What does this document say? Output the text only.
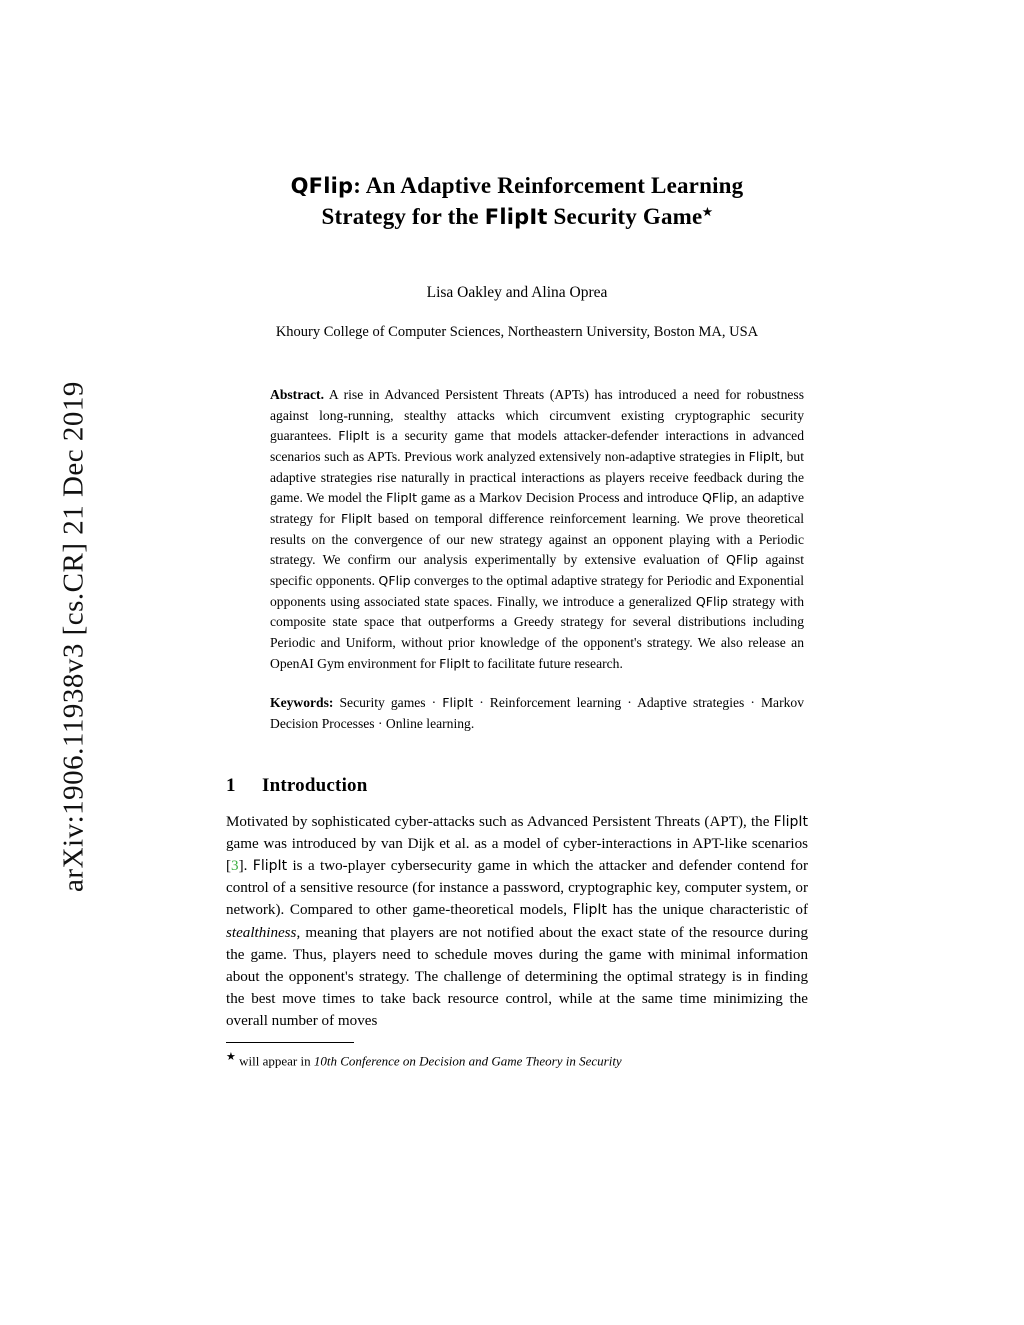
arXiv:1906.11938v3 [cs.CR] 21 Dec 2019
QFlip: An Adaptive Reinforcement Learning
Strategy for the FlipIt Security Game★
Lisa Oakley and Alina Oprea
Khoury College of Computer Sciences, Northeastern University, Boston MA, USA
Abstract. A rise in Advanced Persistent Threats (APTs) has introduced a need for robustness against long-running, stealthy attacks which circumvent existing cryptographic security guarantees. FlipIt is a security game that models attacker-defender interactions in advanced scenarios such as APTs. Previous work analyzed extensively non-adaptive strategies in FlipIt, but adaptive strategies rise naturally in practical interactions as players receive feedback during the game. We model the FlipIt game as a Markov Decision Process and introduce QFlip, an adaptive strategy for FlipIt based on temporal difference reinforcement learning. We prove theoretical results on the convergence of our new strategy against an opponent playing with a Periodic strategy. We confirm our analysis experimentally by extensive evaluation of QFlip against specific opponents. QFlip converges to the optimal adaptive strategy for Periodic and Exponential opponents using associated state spaces. Finally, we introduce a generalized QFlip strategy with composite state space that outperforms a Greedy strategy for several distributions including Periodic and Uniform, without prior knowledge of the opponent's strategy. We also release an OpenAI Gym environment for FlipIt to facilitate future research.
Keywords: Security games · FlipIt · Reinforcement learning · Adaptive strategies · Markov Decision Processes · Online learning.
1 Introduction
Motivated by sophisticated cyber-attacks such as Advanced Persistent Threats (APT), the FlipIt game was introduced by van Dijk et al. as a model of cyber-interactions in APT-like scenarios [3]. FlipIt is a two-player cybersecurity game in which the attacker and defender contend for control of a sensitive resource (for instance a password, cryptographic key, computer system, or network). Compared to other game-theoretical models, FlipIt has the unique characteristic of stealthiness, meaning that players are not notified about the exact state of the resource during the game. Thus, players need to schedule moves during the game with minimal information about the opponent's strategy. The challenge of determining the optimal strategy is in finding the best move times to take back resource control, while at the same time minimizing the overall number of moves
★ will appear in 10th Conference on Decision and Game Theory in Security
